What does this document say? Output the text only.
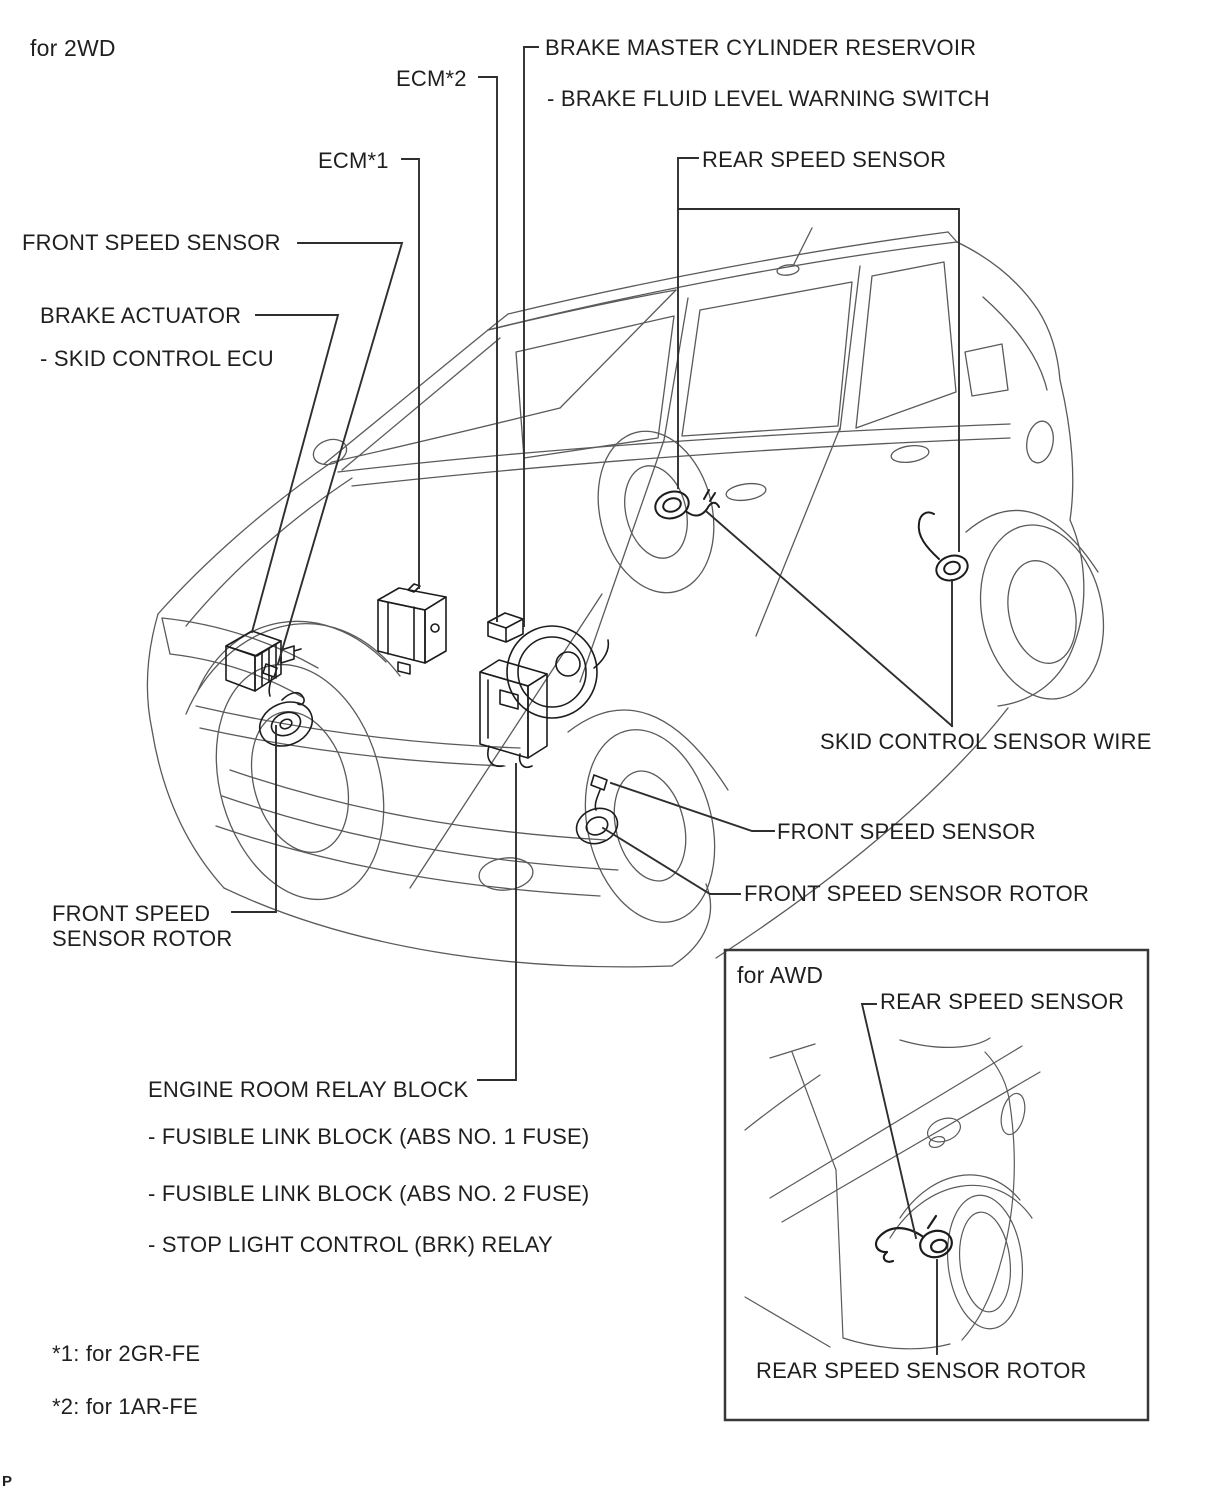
for 2WD
ECM*2
BRAKE MASTER CYLINDER RESERVOIR
- BRAKE FLUID LEVEL WARNING SWITCH
ECM*1	REAR SPEED SENSOR
FRONT SPEED SENSOR
BRAKE ACTUATOR
- SKID CONTROL ECU
SKID CONTROL SENSOR WIRE
FRONT SPEED SENSOR
FRONT SPEED SENSOR ROTOR
FRONT SPEED
SENSOR ROTOR
for AWD
REAR SPEED SENSOR
REAR SPEED SENSOR ROTOR
ENGINE ROOM RELAY BLOCK
- FUSIBLE LINK BLOCK (ABS NO. 1 FUSE)
- FUSIBLE LINK BLOCK (ABS NO. 2 FUSE)
- STOP LIGHT CONTROL (BRK) RELAY
*1: for 2GR-FE
*2: for 1AR-FE
P
